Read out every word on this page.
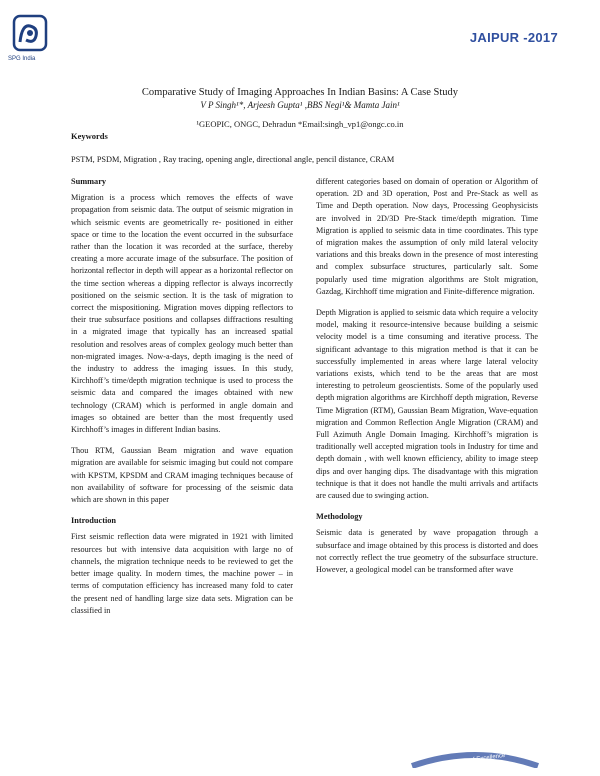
SPG India
JAIPUR -2017
Comparative Study of Imaging Approaches In Indian Basins: A Case Study
V P Singh¹*, Arjeesh Gupta¹ ,BBS Negi¹& Mamta Jain¹
¹GEOPIC, ONGC, Dehradun *Email:singh_vp1@ongc.co.in
Keywords
PSTM, PSDM, Migration , Ray tracing, opening angle, directional angle, pencil distance, CRAM
Summary

Migration is a process which removes the effects of wave propagation from seismic data. The output of seismic migration in which seismic events are geometrically re- positioned in either space or time to the location the event occurred in the subsurface rather than the location it was recorded at the surface, thereby creating a more accurate image of the subsurface. The position of horizontal reflector in depth will appear as a horizontal reflector on the time section whereas a dipping reflector is always incorrectly positioned on the seismic section. It is the task of migration to correct the mispositioning. Migration moves dipping reflectors to their true subsurface positions and collapses diffractions resulting in a migrated image that typically has an increased spatial resolution and resolves areas of complex geology much better than non-migrated images. Now-a-days, depth imaging is the need of the industry to address the imaging issues. In this study, Kirchhoff’s time/depth migration technique is used to process the seismic data and compared the images obtained with new technology (CRAM) which is performed in angle domain and images so obtained are better than the most frequently used Kirchhoff’s images in different Indian basins.

Thou RTM, Gaussian Beam migration and wave equation migration are available for seismic imaging but could not compare with KPSTM, KPSDM and CRAM imaging techniques because of non availability of software for processing of the seismic data which are shown in this paper

Introduction

First seismic reflection data were migrated in 1921 with limited resources but with intensive data acquisition with large no of channels, the migration technique needs to be reviewed to get the better image quality. In modern times, the machine power – in terms of computation efficiency has increased many fold to cater the present ned of handling large size data sets. Migration can be classified in

different categories based on domain of operation or Algorithm of operation. 2D and 3D operation, Post and Pre-Stack as well as Time and Depth operation. Now days, Processing Geophysicists are involved in 2D/3D Pre-Stack time/depth migration. Time Migration is applied to seismic data in time coordinates. This type of migration makes the assumption of only mild lateral velocity variations and this breaks down in the presence of most interesting and complex subsurface structures, particularly salt. Some popularly used time migration algorithms are Stolt migration, Gazdag, Kirchhoff time migration and Finite-difference migration.

Depth Migration is applied to seismic data which require a velocity model, making it resource-intensive because building a seismic velocity model is a time consuming and iterative process. The significant advantage to this migration method is that it can be successfully implemented in areas where large lateral velocity variations exists, which tend to be the areas that are most interesting to petroleum geoscientists. Some of the popularly used depth migration algorithms are Kirchhoff depth migration, Reverse Time Migration (RTM), Gaussian Beam Migration, Wave-equation migration and Common Reflection Angle Migration (CRAM) and Full Azimuth Angle Domain Imaging. Kirchhoff’s migration is traditionally well accepted migration tools in Industry for time and depth domain , with well known efficiency, ability to image steep dips and over hanging dips. The disadvantage with this migration technique is that it does not handle the multi arrivals and artifacts are caused due to swinging action.

Methodology

Seismic data is generated by wave propagation through a subsurface and image obtained by this process is distorted and does not correctly reflect the true geometry of the subsurface structure. However, a geological model can be transformed after wave

20 Years of Excellence
